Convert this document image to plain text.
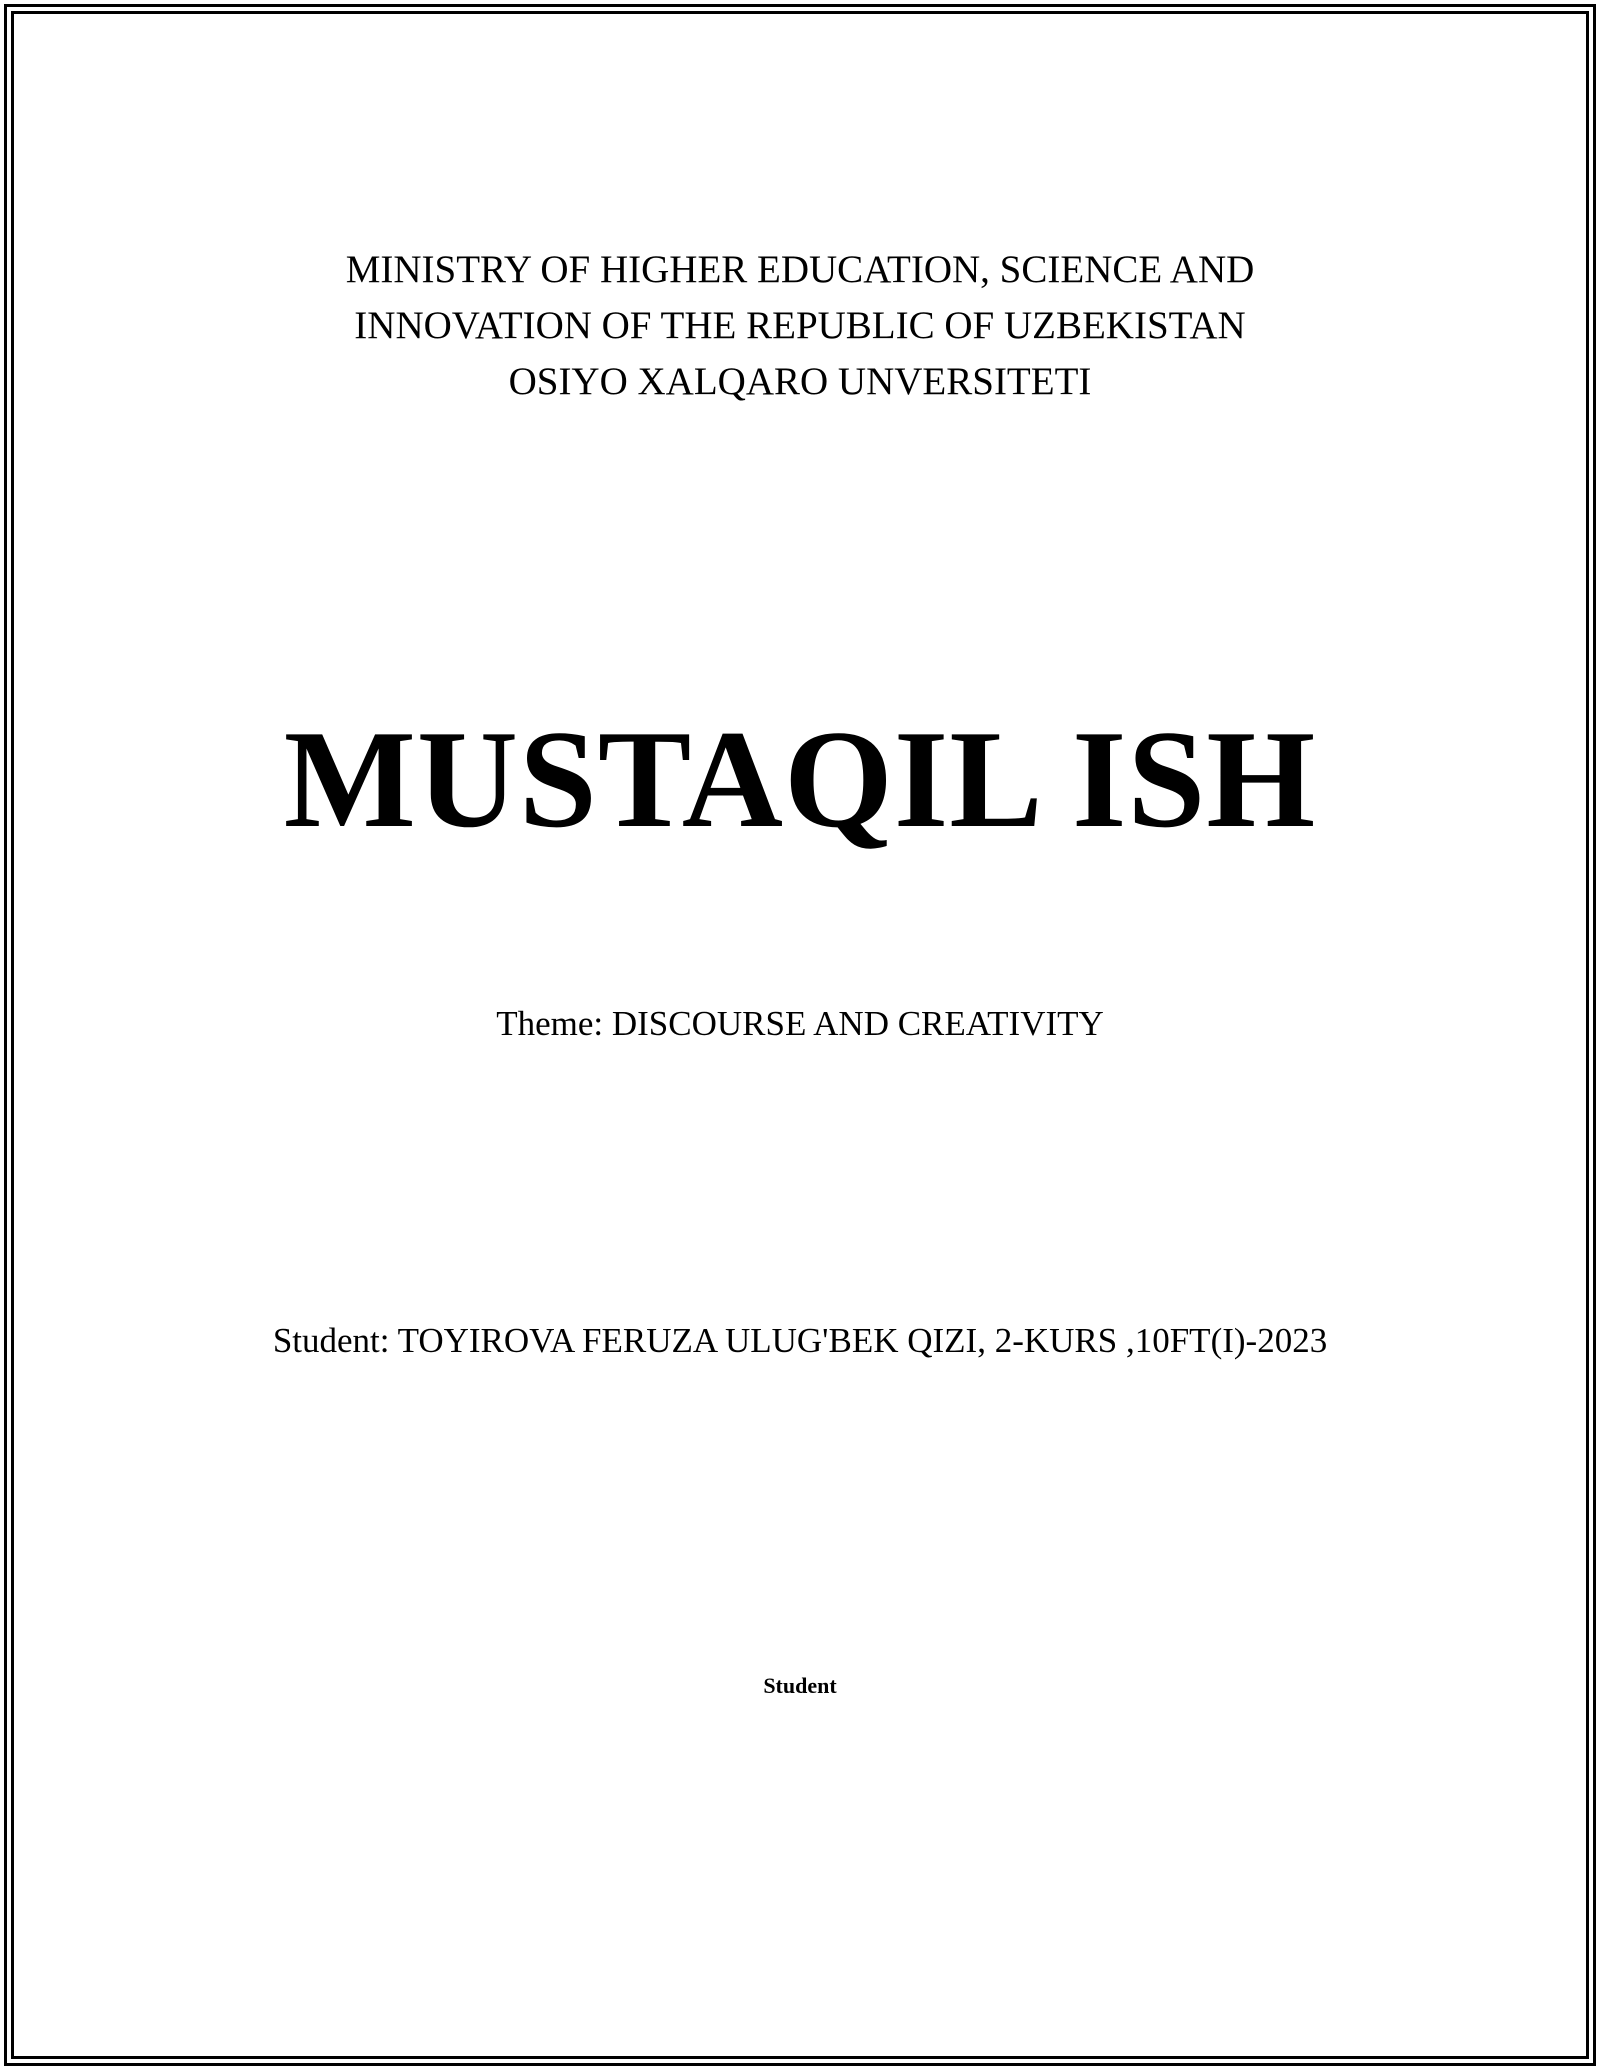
MINISTRY OF HIGHER EDUCATION, SCIENCE AND
INNOVATION OF THE REPUBLIC OF UZBEKISTAN
OSIYO XALQARO UNVERSITETI
MUSTAQIL ISH
Theme: DISCOURSE AND CREATIVITY
Student: TOYIROVA FERUZA ULUG'BEK QIZI, 2-KURS ,10FT(I)-2023
Student
